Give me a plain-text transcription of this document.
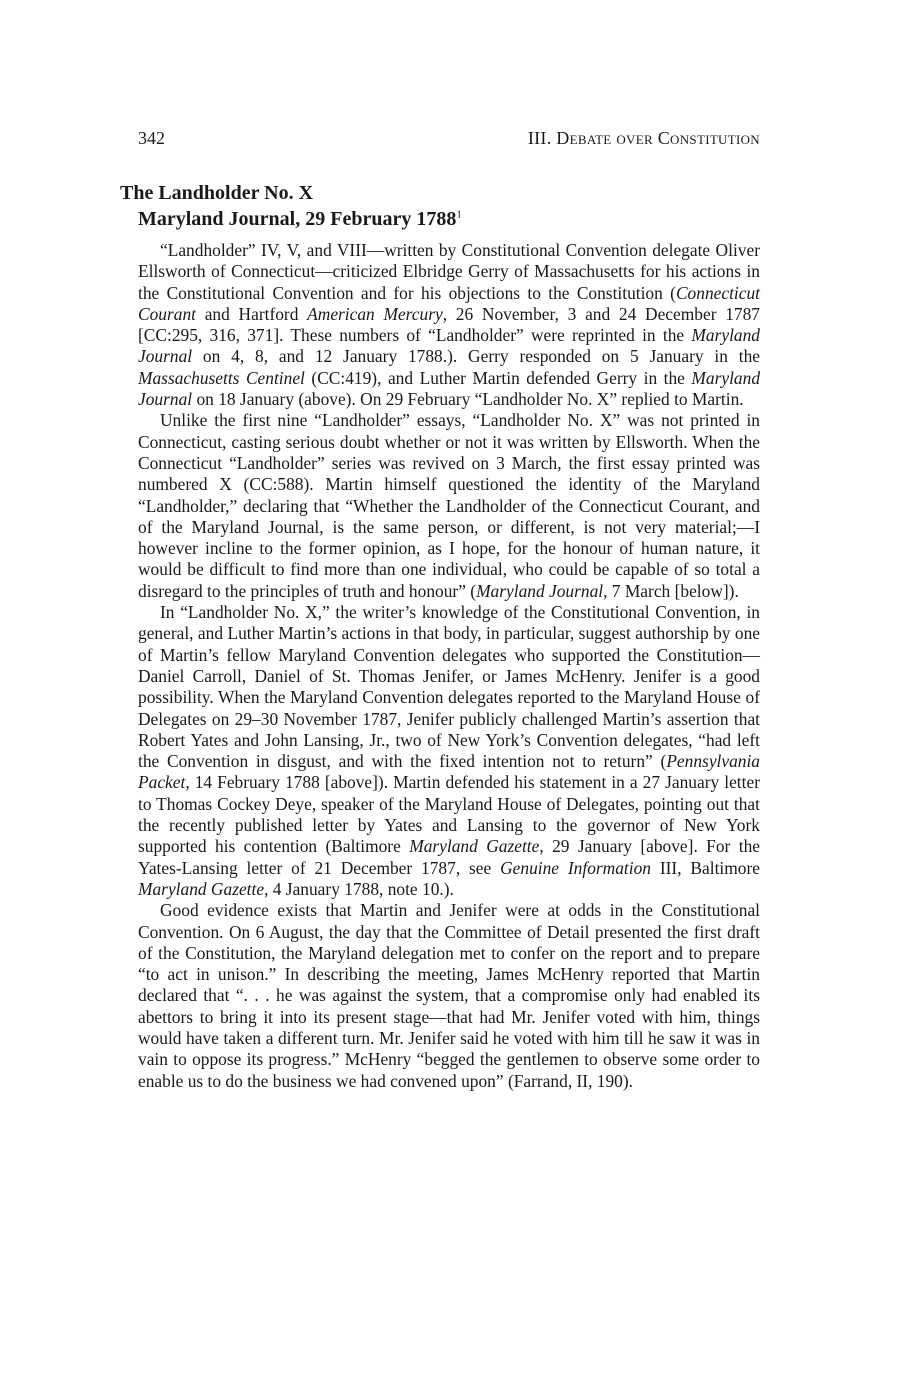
342	III. Debate over Constitution
The Landholder No. X
Maryland Journal, 29 February 1788$^1$

“Landholder” IV, V, and VIII—written by Constitutional Convention delegate Oliver Ellsworth of Connecticut—criticized Elbridge Gerry of Massachusetts for his actions in the Constitutional Convention and for his objections to the Constitution (Connecticut Courant and Hartford American Mercury, 26 November, 3 and 24 December 1787 [CC:295, 316, 371]. These numbers of “Landholder” were reprinted in the Maryland Journal on 4, 8, and 12 January 1788.). Gerry responded on 5 January in the Massachusetts Centinel (CC:419), and Luther Martin defended Gerry in the Maryland Journal on 18 January (above). On 29 February “Landholder No. X” replied to Martin.

Unlike the first nine “Landholder” essays, “Landholder No. X” was not printed in Connecticut, casting serious doubt whether or not it was written by Ellsworth. When the Connecticut “Landholder” series was revived on 3 March, the first essay printed was numbered X (CC:588). Martin himself questioned the identity of the Maryland “Landholder,” declaring that “Whether the Landholder of the Connecticut Courant, and of the Maryland Journal, is the same person, or different, is not very material;—I however incline to the former opinion, as I hope, for the honour of human nature, it would be difficult to find more than one individual, who could be capable of so total a disregard to the principles of truth and honour” (Maryland Journal, 7 March [below]).

In “Landholder No. X,” the writer’s knowledge of the Constitutional Convention, in general, and Luther Martin’s actions in that body, in particular, suggest authorship by one of Martin’s fellow Maryland Convention delegates who supported the Constitution—Daniel Carroll, Daniel of St. Thomas Jenifer, or James McHenry. Jenifer is a good possibility. When the Maryland Convention delegates reported to the Maryland House of Delegates on 29–30 November 1787, Jenifer publicly challenged Martin’s assertion that Robert Yates and John Lansing, Jr., two of New York’s Convention delegates, “had left the Convention in disgust, and with the fixed intention not to return” (Pennsylvania Packet, 14 February 1788 [above]). Martin defended his statement in a 27 January letter to Thomas Cockey Deye, speaker of the Maryland House of Delegates, pointing out that the recently published letter by Yates and Lansing to the governor of New York supported his contention (Baltimore Maryland Gazette, 29 January [above]. For the Yates-Lansing letter of 21 December 1787, see Genuine Information III, Baltimore Maryland Gazette, 4 January 1788, note 10.).

Good evidence exists that Martin and Jenifer were at odds in the Constitutional Convention. On 6 August, the day that the Committee of Detail presented the first draft of the Constitution, the Maryland delegation met to confer on the report and to prepare “to act in unison.” In describing the meeting, James McHenry reported that Martin declared that “. . . he was against the system, that a compromise only had enabled its abettors to bring it into its present stage—that had Mr. Jenifer voted with him, things would have taken a different turn. Mr. Jenifer said he voted with him till he saw it was in vain to oppose its progress.” McHenry “begged the gentlemen to observe some order to enable us to do the business we had convened upon” (Farrand, II, 190).
